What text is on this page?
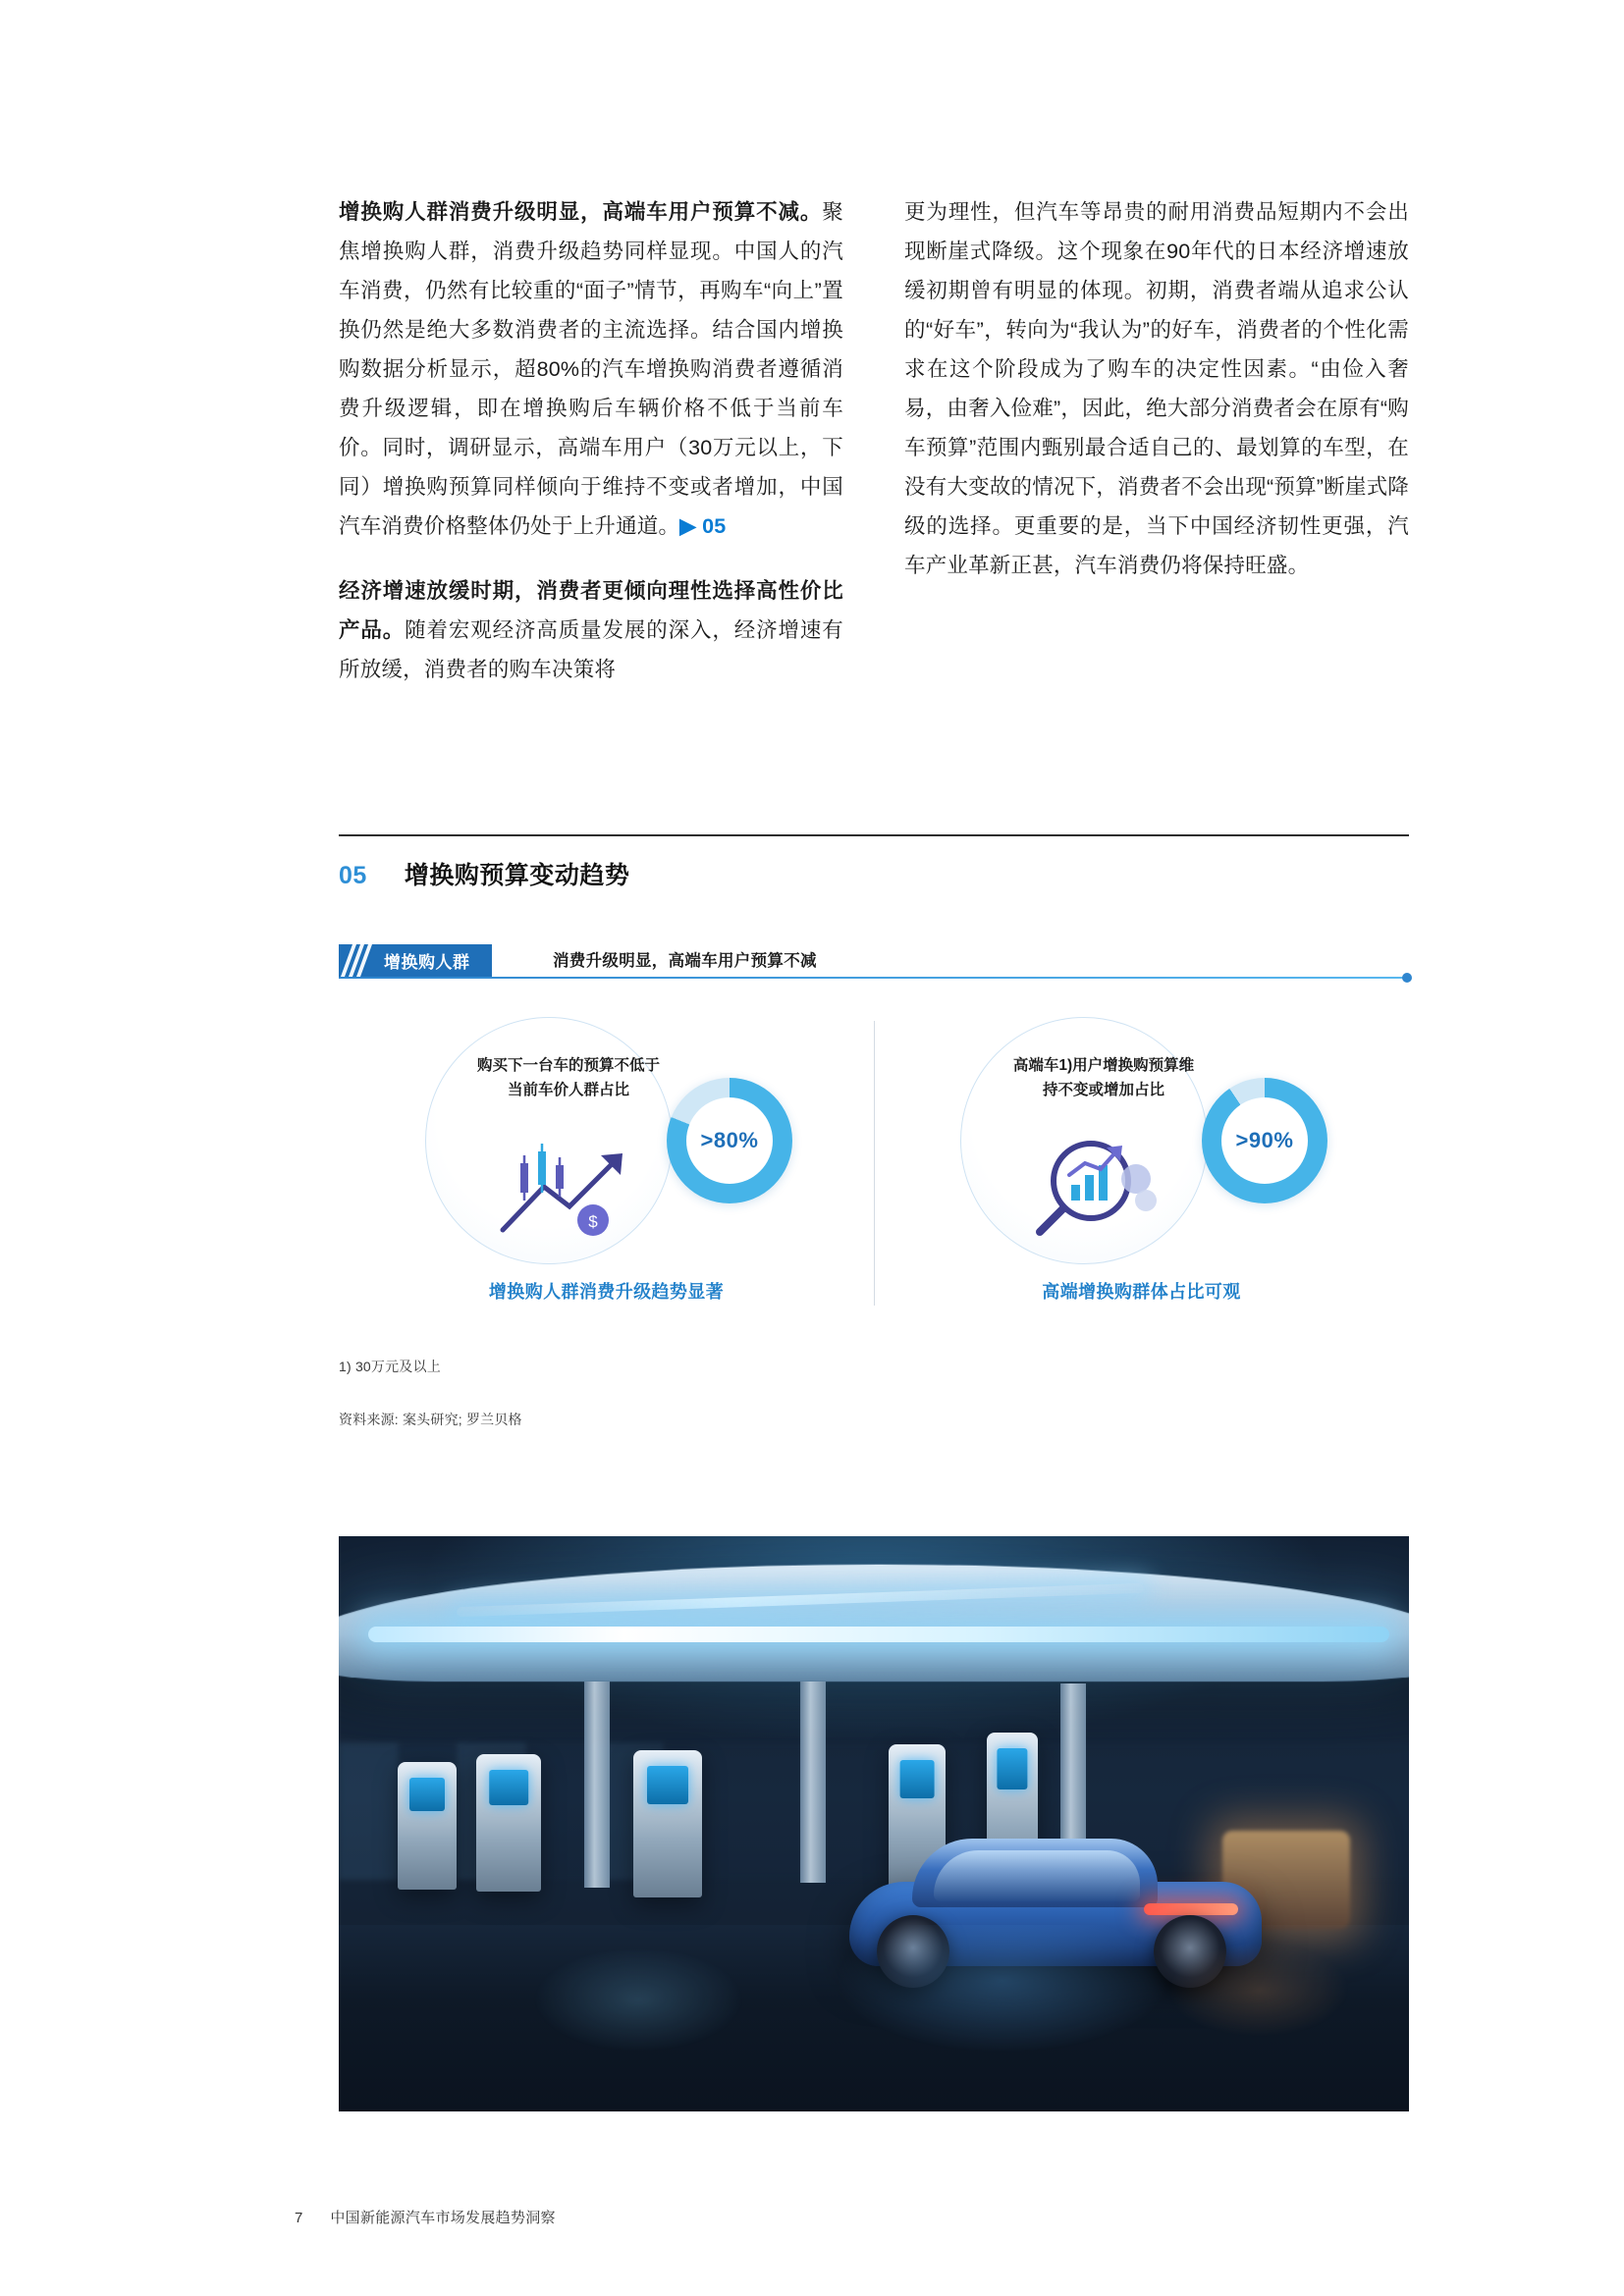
增换购人群消费升级明显，高端车用户预算不减。聚焦增换购人群，消费升级趋势同样显现。中国人的汽车消费，仍然有比较重的“面子”情节，再购车“向上”置换仍然是绝大多数消费者的主流选择。结合国内增换购数据分析显示，超80%的汽车增换购消费者遵循消费升级逻辑，即在增换购后车辆价格不低于当前车价。同时，调研显示，高端车用户（30万元以上，下同）增换购预算同样倾向于维持不变或者增加，中国汽车消费价格整体仍处于上升通道。▶ 05

经济增速放缓时期，消费者更倾向理性选择高性价比产品。随着宏观经济高质量发展的深入，经济增速有所放缓，消费者的购车决策将

更为理性，但汽车等昂贵的耐用消费品短期内不会出现断崖式降级。这个现象在90年代的日本经济增速放缓初期曾有明显的体现。初期，消费者端从追求公认的“好车”，转向为“我认为”的好车，消费者的个性化需求在这个阶段成为了购车的决定性因素。“由俭入奢易，由奢入俭难”，因此，绝大部分消费者会在原有“购车预算”范围内甄别最合适自己的、最划算的车型，在没有大变故的情况下，消费者不会出现“预算”断崖式降级的选择。更重要的是，当下中国经济韧性更强，汽车产业革新正甚，汽车消费仍将保持旺盛。

05 增换购预算变动趋势
增换购人群	消费升级明显，高端车用户预算不减
购买下一台车的预算不低于当前车价人群占比
$
>80%
增换购人群消费升级趋势显著
高端车1)用户增换购预算维持不变或增加占比
>90%
高端增换购群体占比可观
1) 30万元及以上
资料来源: 案头研究; 罗兰贝格
7 中国新能源汽车市场发展趋势洞察
